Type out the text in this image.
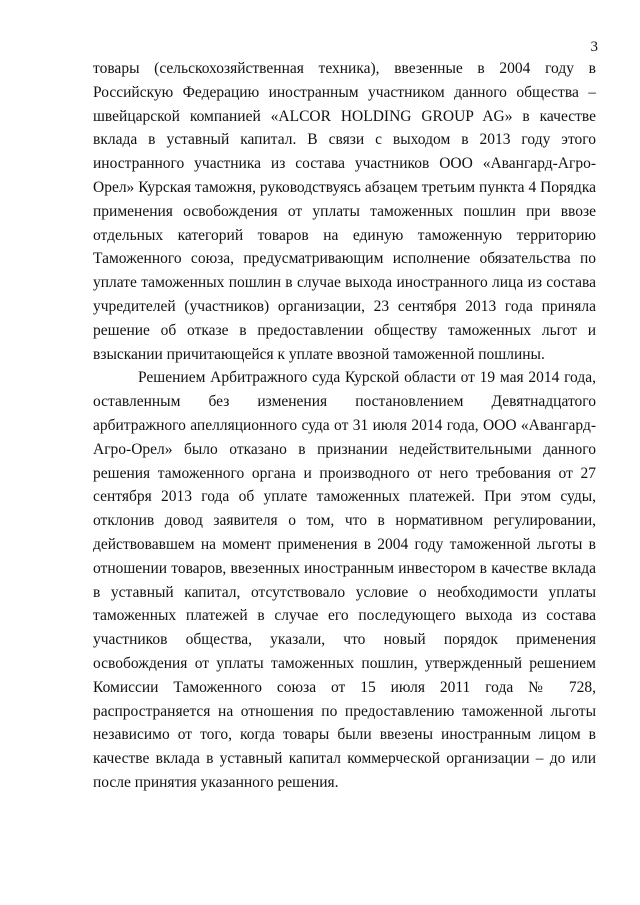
3

товары (сельскохозяйственная техника), ввезенные в 2004 году в Российскую Федерацию иностранным участником данного общества – швейцарской компанией «ALCOR HOLDING GROUP AG» в качестве вклада в уставный капитал. В связи с выходом в 2013 году этого иностранного участника из состава участников ООО «Авангард-Агро-Орел» Курская таможня, руководствуясь абзацем третьим пункта 4 Порядка применения освобождения от уплаты таможенных пошлин при ввозе отдельных категорий товаров на единую таможенную территорию Таможенного союза, предусматривающим исполнение обязательства по уплате таможенных пошлин в случае выхода иностранного лица из состава учредителей (участников) организации, 23 сентября 2013 года приняла решение об отказе в предоставлении обществу таможенных льгот и взыскании причитающейся к уплате ввозной таможенной пошлины.

Решением Арбитражного суда Курской области от 19 мая 2014 года, оставленным без изменения постановлением Девятнадцатого арбитражного апелляционного суда от 31 июля 2014 года, ООО «Авангард-Агро-Орел» было отказано в признании недействительными данного решения таможенного органа и производного от него требования от 27 сентября 2013 года об уплате таможенных платежей. При этом суды, отклонив довод заявителя о том, что в нормативном регулировании, действовавшем на момент применения в 2004 году таможенной льготы в отношении товаров, ввезенных иностранным инвестором в качестве вклада в уставный капитал, отсутствовало условие о необходимости уплаты таможенных платежей в случае его последующего выхода из состава участников общества, указали, что новый порядок применения освобождения от уплаты таможенных пошлин, утвержденный решением Комиссии Таможенного союза от 15 июля 2011 года № 728, распространяется на отношения по предоставлению таможенной льготы независимо от того, когда товары были ввезены иностранным лицом в качестве вклада в уставный капитал коммерческой организации – до или после принятия указанного решения.
